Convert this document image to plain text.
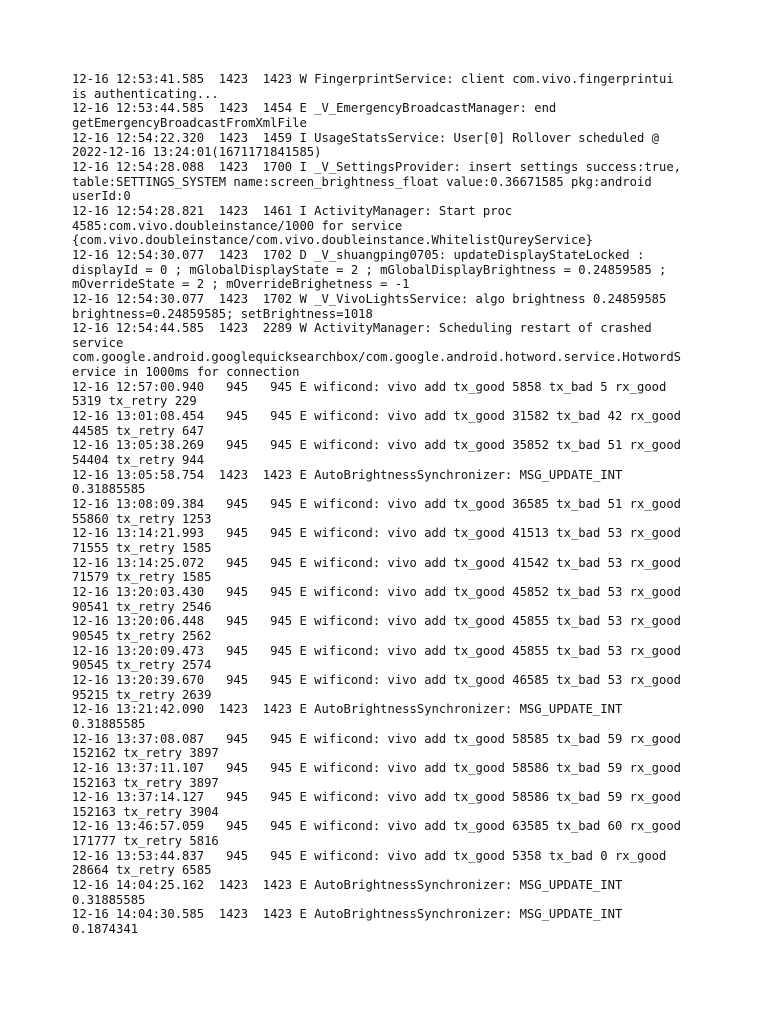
12-16 12:53:41.585  1423  1423 W FingerprintService: client com.vivo.fingerprintui
is authenticating...
12-16 12:53:44.585  1423  1454 E _V_EmergencyBroadcastManager: end
getEmergencyBroadcastFromXmlFile
12-16 12:54:22.320  1423  1459 I UsageStatsService: User[0] Rollover scheduled @
2022-12-16 13:24:01(1671171841585)
12-16 12:54:28.088  1423  1700 I _V_SettingsProvider: insert settings success:true,
table:SETTINGS_SYSTEM name:screen_brightness_float value:0.36671585 pkg:android
userId:0
12-16 12:54:28.821  1423  1461 I ActivityManager: Start proc
4585:com.vivo.doubleinstance/1000 for service
{com.vivo.doubleinstance/com.vivo.doubleinstance.WhitelistQureyService}
12-16 12:54:30.077  1423  1702 D _V_shuangping0705: updateDisplayStateLocked :
displayId = 0 ; mGlobalDisplayState = 2 ; mGlobalDisplayBrightness = 0.24859585 ;
mOverrideState = 2 ; mOverrideBrighetness = -1
12-16 12:54:30.077  1423  1702 W _V_VivoLightsService: algo brightness 0.24859585
brightness=0.24859585; setBrightness=1018
12-16 12:54:44.585  1423  2289 W ActivityManager: Scheduling restart of crashed
service
com.google.android.googlequicksearchbox/com.google.android.hotword.service.HotwordS
ervice in 1000ms for connection
12-16 12:57:00.940   945   945 E wificond: vivo add tx_good 5858 tx_bad 5 rx_good
5319 tx_retry 229
12-16 13:01:08.454   945   945 E wificond: vivo add tx_good 31582 tx_bad 42 rx_good
44585 tx_retry 647
12-16 13:05:38.269   945   945 E wificond: vivo add tx_good 35852 tx_bad 51 rx_good
54404 tx_retry 944
12-16 13:05:58.754  1423  1423 E AutoBrightnessSynchronizer: MSG_UPDATE_INT
0.31885585
12-16 13:08:09.384   945   945 E wificond: vivo add tx_good 36585 tx_bad 51 rx_good
55860 tx_retry 1253
12-16 13:14:21.993   945   945 E wificond: vivo add tx_good 41513 tx_bad 53 rx_good
71555 tx_retry 1585
12-16 13:14:25.072   945   945 E wificond: vivo add tx_good 41542 tx_bad 53 rx_good
71579 tx_retry 1585
12-16 13:20:03.430   945   945 E wificond: vivo add tx_good 45852 tx_bad 53 rx_good
90541 tx_retry 2546
12-16 13:20:06.448   945   945 E wificond: vivo add tx_good 45855 tx_bad 53 rx_good
90545 tx_retry 2562
12-16 13:20:09.473   945   945 E wificond: vivo add tx_good 45855 tx_bad 53 rx_good
90545 tx_retry 2574
12-16 13:20:39.670   945   945 E wificond: vivo add tx_good 46585 tx_bad 53 rx_good
95215 tx_retry 2639
12-16 13:21:42.090  1423  1423 E AutoBrightnessSynchronizer: MSG_UPDATE_INT
0.31885585
12-16 13:37:08.087   945   945 E wificond: vivo add tx_good 58585 tx_bad 59 rx_good
152162 tx_retry 3897
12-16 13:37:11.107   945   945 E wificond: vivo add tx_good 58586 tx_bad 59 rx_good
152163 tx_retry 3897
12-16 13:37:14.127   945   945 E wificond: vivo add tx_good 58586 tx_bad 59 rx_good
152163 tx_retry 3904
12-16 13:46:57.059   945   945 E wificond: vivo add tx_good 63585 tx_bad 60 rx_good
171777 tx_retry 5816
12-16 13:53:44.837   945   945 E wificond: vivo add tx_good 5358 tx_bad 0 rx_good
28664 tx_retry 6585
12-16 14:04:25.162  1423  1423 E AutoBrightnessSynchronizer: MSG_UPDATE_INT
0.31885585
12-16 14:04:30.585  1423  1423 E AutoBrightnessSynchronizer: MSG_UPDATE_INT
0.1874341
